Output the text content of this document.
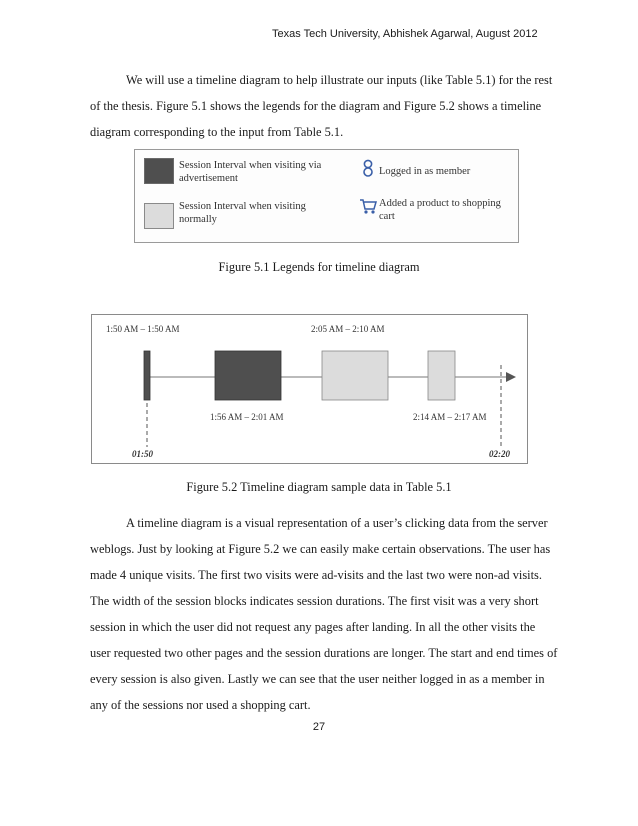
Texas Tech University, Abhishek Agarwal, August 2012
We will use a timeline diagram to help illustrate our inputs (like Table 5.1) for the rest
of the thesis. Figure 5.1 shows the legends for the diagram and Figure 5.2 shows a timeline
diagram corresponding to the input from Table 5.1.
Session Interval when visiting via
advertisement
Session Interval when visiting
normally
Logged in as member
Added a product to shopping
cart
Figure 5.1 Legends for timeline diagram
1:50 AM – 1:50 AM	2:05 AM – 2:10 AM
1:56 AM – 2:01 AM	2:14 AM – 2:17 AM
01:50	02:20
Figure 5.2 Timeline diagram sample data in Table 5.1
A timeline diagram is a visual representation of a user’s clicking data from the server
weblogs. Just by looking at Figure 5.2 we can easily make certain observations. The user has
made 4 unique visits. The first two visits were ad-visits and the last two were non-ad visits.
The width of the session blocks indicates session durations. The first visit was a very short
session in which the user did not request any pages after landing. In all the other visits the
user requested two other pages and the session durations are longer. The start and end times of
every session is also given. Lastly we can see that the user neither logged in as a member in
any of the sessions nor used a shopping cart.
27
